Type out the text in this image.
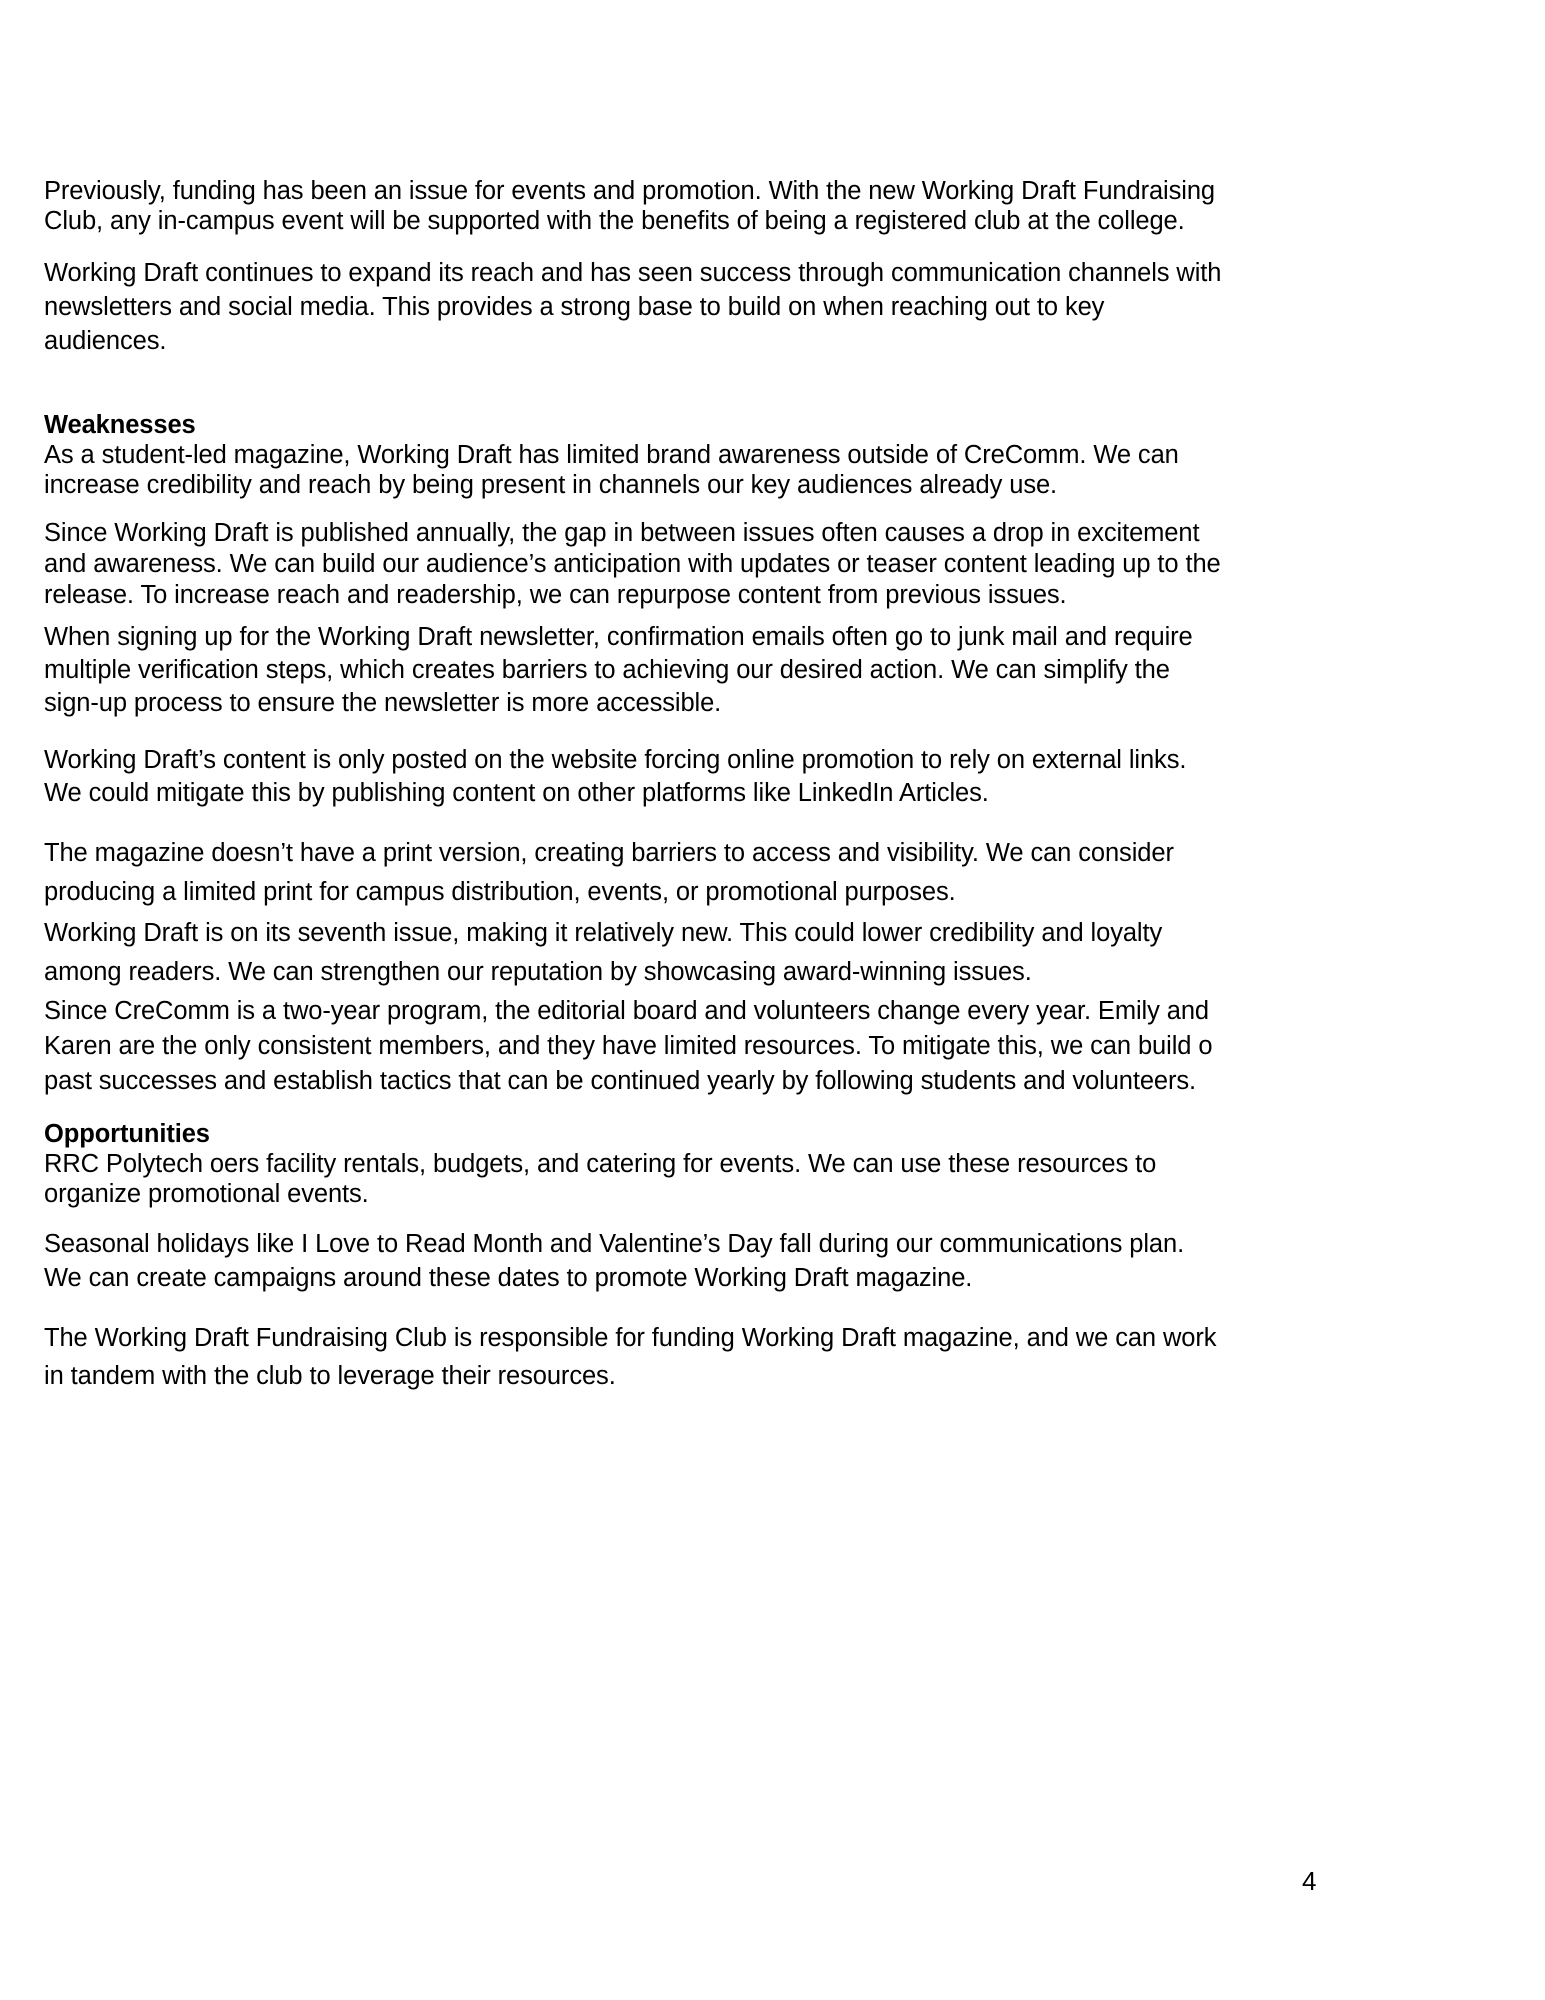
Previously, funding has been an issue for events and promotion. With the new Working Draft Fundraising Club, any in-campus event will be supported with the benefits of being a registered club at the college.

Working Draft continues to expand its reach and has seen success through communication channels with newsletters and social media. This provides a strong base to build on when reaching out to key audiences.

Weaknesses

As a student-led magazine, Working Draft has limited brand awareness outside of CreComm. We can increase credibility and reach by being present in channels our key audiences already use.

Since Working Draft is published annually, the gap in between issues often causes a drop in excitement and awareness. We can build our audience’s anticipation with updates or teaser content leading up to the release. To increase reach and readership, we can repurpose content from previous issues.

When signing up for the Working Draft newsletter, confirmation emails often go to junk mail and require multiple verification steps, which creates barriers to achieving our desired action. We can simplify the sign-up process to ensure the newsletter is more accessible.

Working Draft’s content is only posted on the website forcing online promotion to rely on external links. We could mitigate this by publishing content on other platforms like LinkedIn Articles.

The magazine doesn’t have a print version, creating barriers to access and visibility. We can consider producing a limited print for campus distribution, events, or promotional purposes.

Working Draft is on its seventh issue, making it relatively new. This could lower credibility and loyalty among readers. We can strengthen our reputation by showcasing award-winning issues.

Since CreComm is a two-year program, the editorial board and volunteers change every year. Emily and Karen are the only consistent members, and they have limited resources. To mitigate this, we can build o past successes and establish tactics that can be continued yearly by following students and volunteers.

Opportunities

RRC Polytech oers facility rentals, budgets, and catering for events. We can use these resources to organize promotional events.

Seasonal holidays like I Love to Read Month and Valentine’s Day fall during our communications plan. We can create campaigns around these dates to promote Working Draft magazine.

The Working Draft Fundraising Club is responsible for funding Working Draft magazine, and we can work in tandem with the club to leverage their resources.

4
